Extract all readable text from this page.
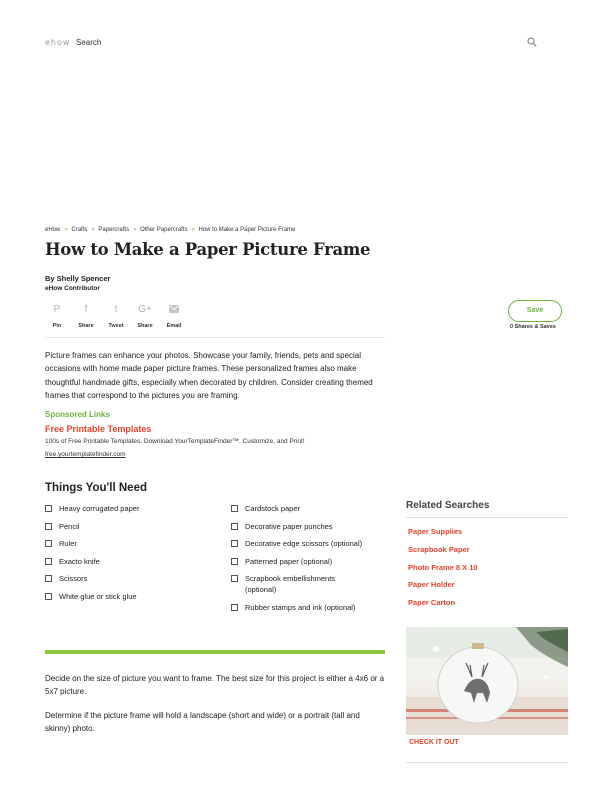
ehow Search
eHow » Crafts » Papercrafts » Other Papercrafts » How to Make a Paper Picture Frame
How to Make a Paper Picture Frame
By Shelly Spencer
eHow Contributor
P
Pin
f
Share
t
Tweet
G+
Share	Email
Save
0 Shares & Saves

Picture frames can enhance your photos. Showcase your family, friends, pets and special occasions with home made paper picture frames. These personalized frames also make thoughtful handmade gifts, especially when decorated by children. Consider creating themed frames that correspond to the pictures you are framing.

Sponsored Links
Free Printable Templates
100s of Free Printable Templates. Download YourTemplateFinder™. Customize, and Print!
free.yourtemplatefinder.com
Things You'll Need
Heavy corrugated paper
Pencil
Ruler
Exacto knife
Scissors
White glue or stick glue
Cardstock paper
Decorative paper punches
Decorative edge scissors (optional)
Patterned paper (optional)
Scrapbook embellishments (optional)
Rubber stamps and ink (optional)

Decide on the size of picture you want to frame. The best size for this project is either a 4x6 or a 5x7 picture.

Determine if the picture frame will hold a landscape (short and wide) or a portrait (tall and skinny) photo.

Related Searches
Paper Supplies
Scrapbook Paper
Photo Frame 8 X 10
Paper Holder
Paper Carton
CHECK IT OUT
